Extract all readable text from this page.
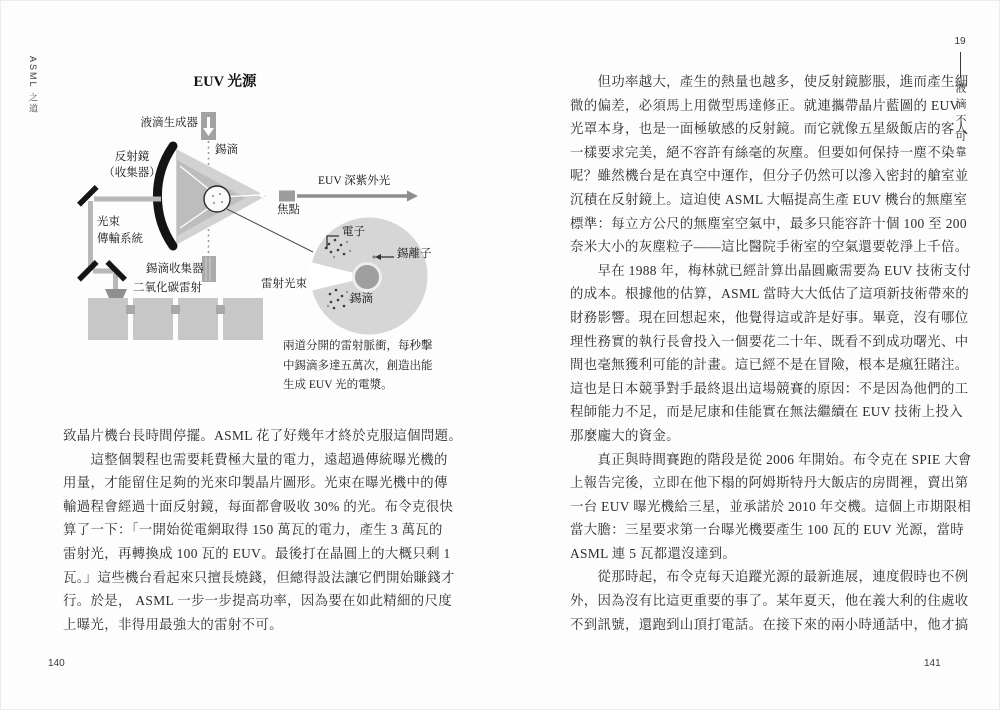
ASML 之道
19
液滴不可靠
EUV 光源
液滴生成器
錫滴
反射鏡
（收集器）
光束
傳輸系統
錫滴收集器
二氧化碳雷射
EUV 深紫外光
焦點
電子
錫離子
雷射光束
錫滴
兩道分開的雷射脈衝，每秒擊
中錫滴多達五萬次，創造出能
生成 EUV 光的電漿。
致晶片機台長時間停擺。ASML 花了好幾年才終於克服這個問題。
　　這整個製程也需要耗費極大量的電力，遠超過傳統曝光機的
用量，才能留住足夠的光來印製晶片圖形。光束在曝光機中的傳
輸過程會經過十面反射鏡，每面都會吸收 30% 的光。布令克很快
算了一下：「一開始從電網取得 150 萬瓦的電力，產生 3 萬瓦的
雷射光，再轉換成 100 瓦的 EUV。最後打在晶圓上的大概只剩 1
瓦。」這些機台看起來只擅長燒錢，但總得設法讓它們開始賺錢才
行。於是， ASML 一步一步提高功率，因為要在如此精細的尺度
上曝光，非得用最強大的雷射不可。
　　但功率越大，產生的熱量也越多，使反射鏡膨脹，進而產生細
微的偏差，必須馬上用微型馬達修正。就連攜帶晶片藍圖的 EUV
光罩本身，也是一面極敏感的反射鏡。而它就像五星級飯店的客人
一樣要求完美，絕不容許有絲毫的灰塵。但要如何保持一塵不染
呢？雖然機台是在真空中運作，但分子仍然可以滲入密封的艙室並
沉積在反射鏡上。這迫使 ASML 大幅提高生產 EUV 機台的無塵室
標準：每立方公尺的無塵室空氣中，最多只能容許十個 100 至 200
奈米大小的灰塵粒子——這比醫院手術室的空氣還要乾淨上千倍。
　　早在 1988 年，梅林就已經計算出晶圓廠需要為 EUV 技術支付
的成本。根據他的估算，ASML 當時大大低估了這項新技術帶來的
財務影響。現在回想起來，他覺得這或許是好事。畢竟，沒有哪位
理性務實的執行長會投入一個要花二十年、既看不到成功曙光、中
間也毫無獲利可能的計畫。這已經不是在冒險，根本是瘋狂賭注。
這也是日本競爭對手最終退出這場競賽的原因：不是因為他們的工
程師能力不足，而是尼康和佳能實在無法繼續在 EUV 技術上投入
那麼龐大的資金。
　　真正與時間賽跑的階段是從 2006 年開始。布令克在 SPIE 大會
上報告完後，立即在他下榻的阿姆斯特丹大飯店的房間裡，賣出第
一台 EUV 曝光機給三星，並承諾於 2010 年交機。這個上市期限相
當大膽：三星要求第一台曝光機要產生 100 瓦的 EUV 光源，當時
ASML 連 5 瓦都還沒達到。
　　從那時起，布令克每天追蹤光源的最新進展，連度假時也不例
外，因為沒有比這更重要的事了。某年夏天，他在義大利的住處收
不到訊號，還跑到山頂打電話。在接下來的兩小時通話中，他才搞
140	141
